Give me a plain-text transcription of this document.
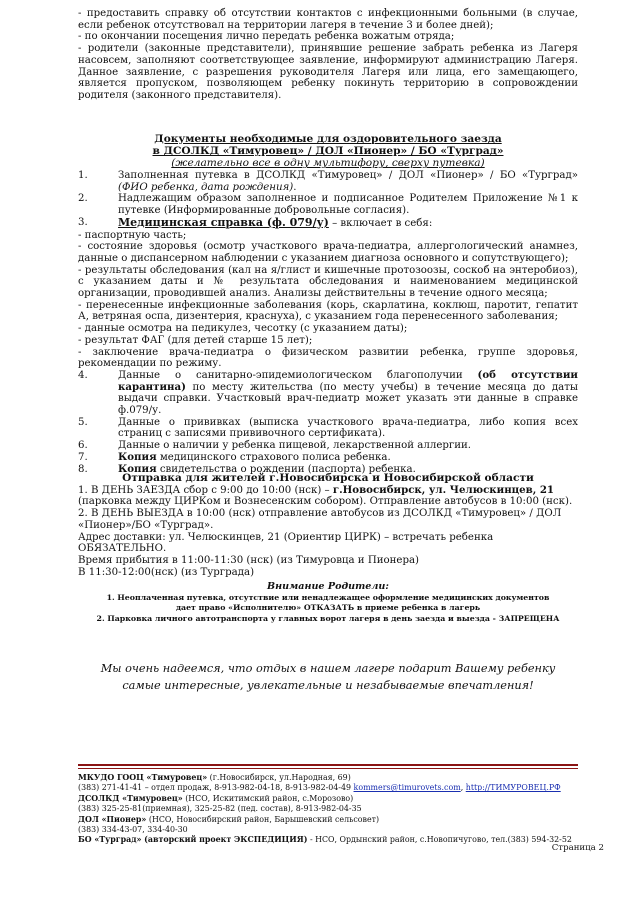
- предоставить справку об отсутствии контактов с инфекционными больными (в случае, если ребенок отсутствовал на территории лагеря в течение 3 и более дней);

- по окончании посещения лично передать ребенка вожатым отряда;

- родители (законные представители), принявшие решение забрать ребенка из Лагеря насовсем, заполняют соответствующее заявление, информируют администрацию Лагеря. Данное заявление, с разрешения руководителя Лагеря или лица, его замещающего, является пропуском, позволяющем ребенку покинуть территорию в сопровождении родителя (законного представителя).

Документы необходимые для оздоровительного заезда
в ДСОЛКД «Тимуровец» / ДОЛ «Пионер» / БО «Турград»
(желательно все в одну мультифору, сверху путевка)
1.	Заполненная путевка в ДСОЛКД «Тимуровец» / ДОЛ «Пионер» / БО «Турград» (ФИО ребенка, дата рождения).
2.	Надлежащим образом заполненное и подписанное Родителем Приложение №1 к путевке (Информированные добровольные согласия).
3.	Медицинская справка (ф. 079/у) – включает в себя:

- паспортную часть;

- состояние здоровья (осмотр участкового врача-педиатра, аллергологический анамнез, данные о диспансерном наблюдении с указанием диагноза основного и сопутствующего);

- результаты обследования (кал на я/глист и кишечные протозоозы, соскоб на энтеробиоз), с указанием даты и № результата обследования и наименованием медицинской организации, проводившей анализ. Анализы действительны в течение одного месяца;

- перенесенные инфекционные заболевания (корь, скарлатина, коклюш, паротит, гепатит А, ветряная оспа, дизентерия, краснуха), с указанием года перенесенного заболевания;

- данные осмотра на педикулез, чесотку (с указанием даты);

- результат ФАГ (для детей старше 15 лет);

- заключение врача-педиатра о физическом развитии ребенка, группе здоровья, рекомендации по режиму.

4.	Данные о санитарно-эпидемиологическом благополучии (об отсутствии карантина) по месту жительства (по месту учебы) в течение месяца до даты выдачи справки. Участковый врач-педиатр может указать эти данные в справке ф.079/у.
5.	Данные о прививках (выписка участкового врача-педиатра, либо копия всех страниц с записями прививочного сертификата).
6.	Данные о наличии у ребенка пищевой, лекарственной аллергии.
7.	Копия медицинского страхового полиса ребенка.
8.	Копия свидетельства о рождении (паспорта) ребенка.
Отправка для жителей г.Новосибирска и Новосибирской области
1. В ДЕНЬ ЗАЕЗДА сбор с 9:00 до 10:00 (нск) – г.Новосибирск, ул. Челюскинцев, 21
(парковка между ЦИРКом и Вознесенским собором). Отправление автобусов в 10:00 (нск).
2. В ДЕНЬ ВЫЕЗДА в 10:00 (нск) отправление автобусов из ДСОЛКД «Тимуровец» / ДОЛ «Пионер»/БО «Турград».
Адрес доставки: ул. Челюскинцев, 21 (Ориентир ЦИРК) – встречать ребенка ОБЯЗАТЕЛЬНО.
Время прибытия в 11:00-11:30 (нск) (из Тимуровца и Пионера)
В 11:30-12:00(нск) (из Турграда)
Внимание Родители:
1. Неоплаченная путевка, отсутствие или ненадлежащее оформление медицинских документов
дает право «Исполнителю» ОТКАЗАТЬ в приеме ребенка в лагерь
2. Парковка личного автотранспорта у главных ворот лагеря в день заезда и выезда - ЗАПРЕЩЕНА
Мы очень надеемся, что отдых в нашем лагере подарит Вашему ребенку
самые интересные, увлекательные и незабываемые впечатления!
МКУДО ГООЦ «Тимуровец» (г.Новосибирск, ул.Народная, 69)
(383) 271-41-41 – отдел продаж, 8-913-982-04-18, 8-913-982-04-49 kommers@timurovets.com, http://ТИМУРОВЕЦ.РФ
ДСОЛКД «Тимуровец» (НСО, Искитимский район, с.Морозово)
(383) 325-25-81(приемная), 325-25-82 (пед. состав), 8-913-982-04-35
ДОЛ «Пионер» (НСО, Новосибирский район, Барышевский сельсовет)
(383) 334-43-07, 334-40-30
БО «Турград» (авторский проект ЭКСПЕДИЦИЯ) - НСО, Ордынский район, с.Новопичугово, тел.(383) 594-32-52
Страница 2
